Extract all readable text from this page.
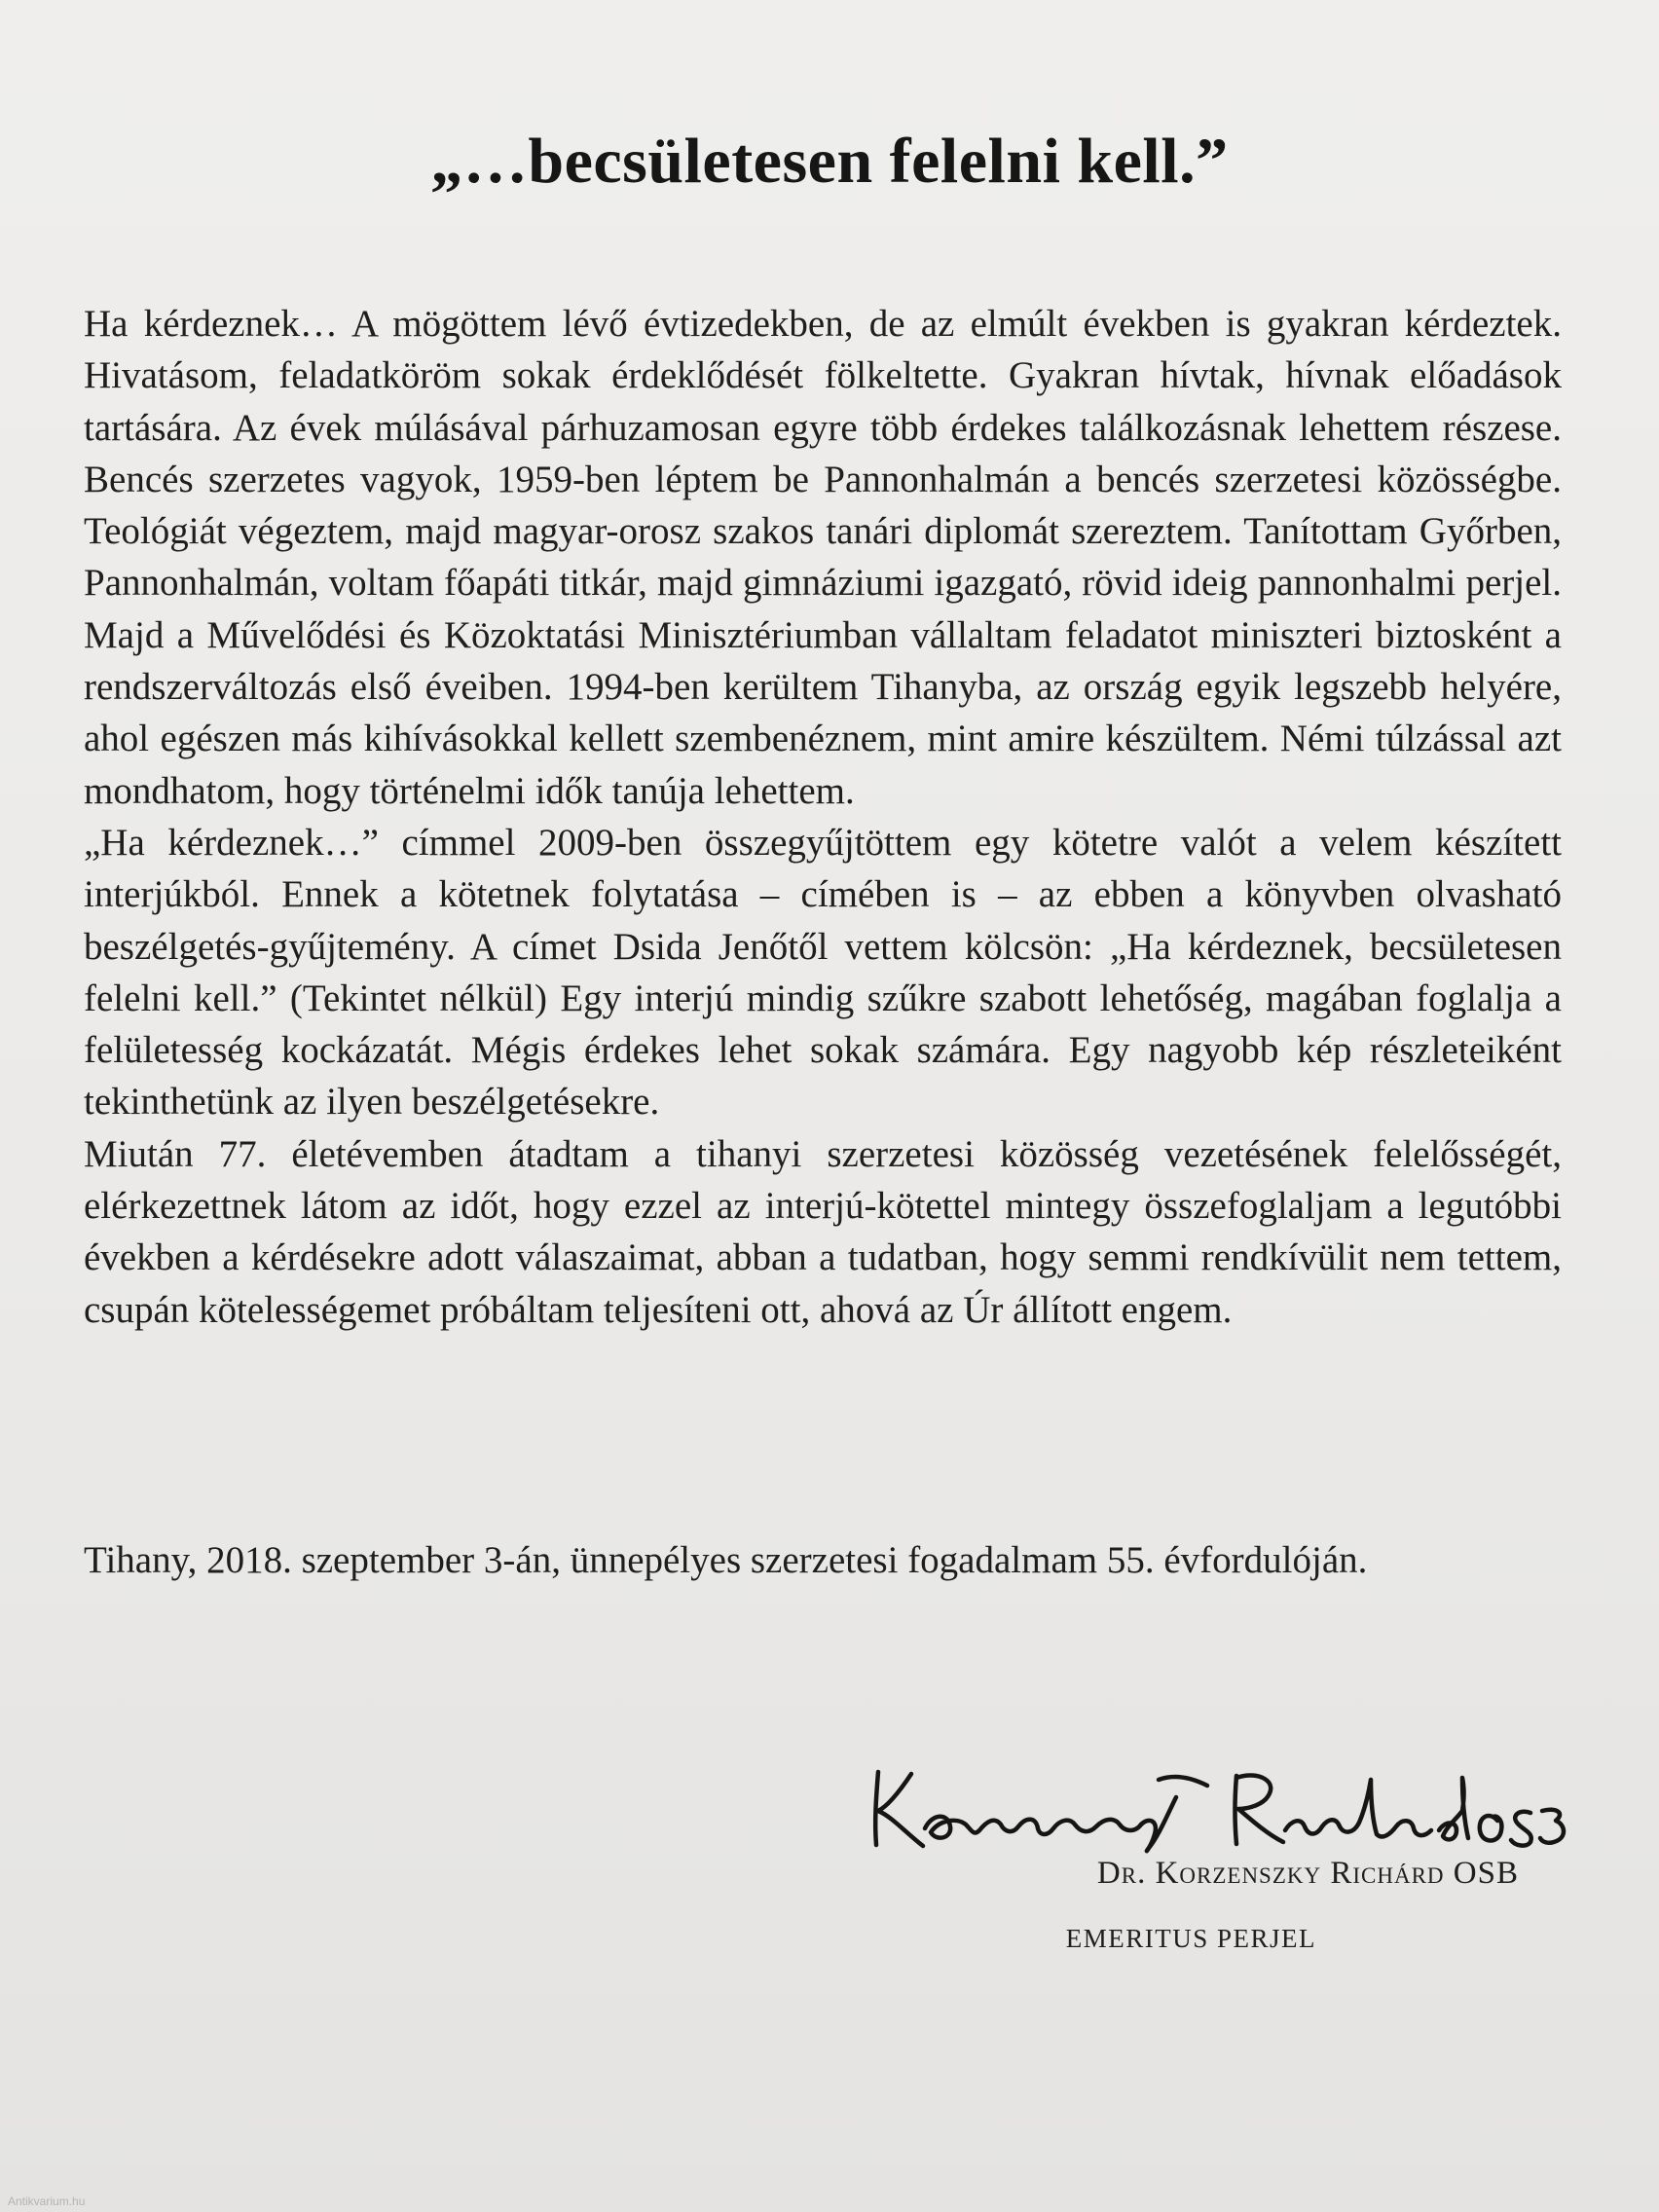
„…becsületesen felelni kell.”

Ha kérdeznek… A mögöttem lévő évtizedekben, de az elmúlt években is gyakran kérdeztek. Hivatásom, feladatköröm sokak érdeklődését fölkeltette. Gyakran hívtak, hívnak előadások tartására. Az évek múlásával párhuzamosan egyre több érdekes találkozásnak lehettem részese. Bencés szerzetes vagyok, 1959-ben léptem be Pannonhalmán a bencés szerzetesi közösségbe. Teológiát végeztem, majd magyar-orosz szakos tanári diplomát szereztem. Tanítottam Győrben, Pannonhalmán, voltam főapáti titkár, majd gimnáziumi igazgató, rövid ideig pannonhalmi perjel. Majd a Művelődési és Közoktatási Minisztériumban vállaltam feladatot miniszteri biztosként a rendszerváltozás első éveiben. 1994-ben kerültem Tihanyba, az ország egyik legszebb helyére, ahol egészen más kihívásokkal kellett szembenéznem, mint amire készültem. Némi túlzással azt mondhatom, hogy történelmi idők tanúja lehettem.

„Ha kérdeznek…” címmel 2009-ben összegyűjtöttem egy kötetre valót a velem készített interjúkból. Ennek a kötetnek folytatása – címében is – az ebben a könyvben olvasható beszélgetés-gyűjtemény. A címet Dsida Jenőtől vettem kölcsön: „Ha kérdeznek, becsületesen felelni kell.” (Tekintet nélkül) Egy interjú mindig szűkre szabott lehetőség, magában foglalja a felületesség kockázatát. Mégis érdekes lehet sokak számára. Egy nagyobb kép részleteiként tekinthetünk az ilyen beszélgetésekre.

Miután 77. életévemben átadtam a tihanyi szerzetesi közösség vezetésének felelősségét, elérkezettnek látom az időt, hogy ezzel az interjú-kötettel mintegy összefoglaljam a legutóbbi években a kérdésekre adott válaszaimat, abban a tudatban, hogy semmi rendkívülit nem tettem, csupán kötelességemet próbáltam teljesíteni ott, ahová az Úr állított engem.

Tihany, 2018. szeptember 3-án, ünnepélyes szerzetesi fogadalmam 55. évfordulóján.

Dr. Korzenszky Richárd OSB

EMERITUS PERJEL

Antikvarium.hu
